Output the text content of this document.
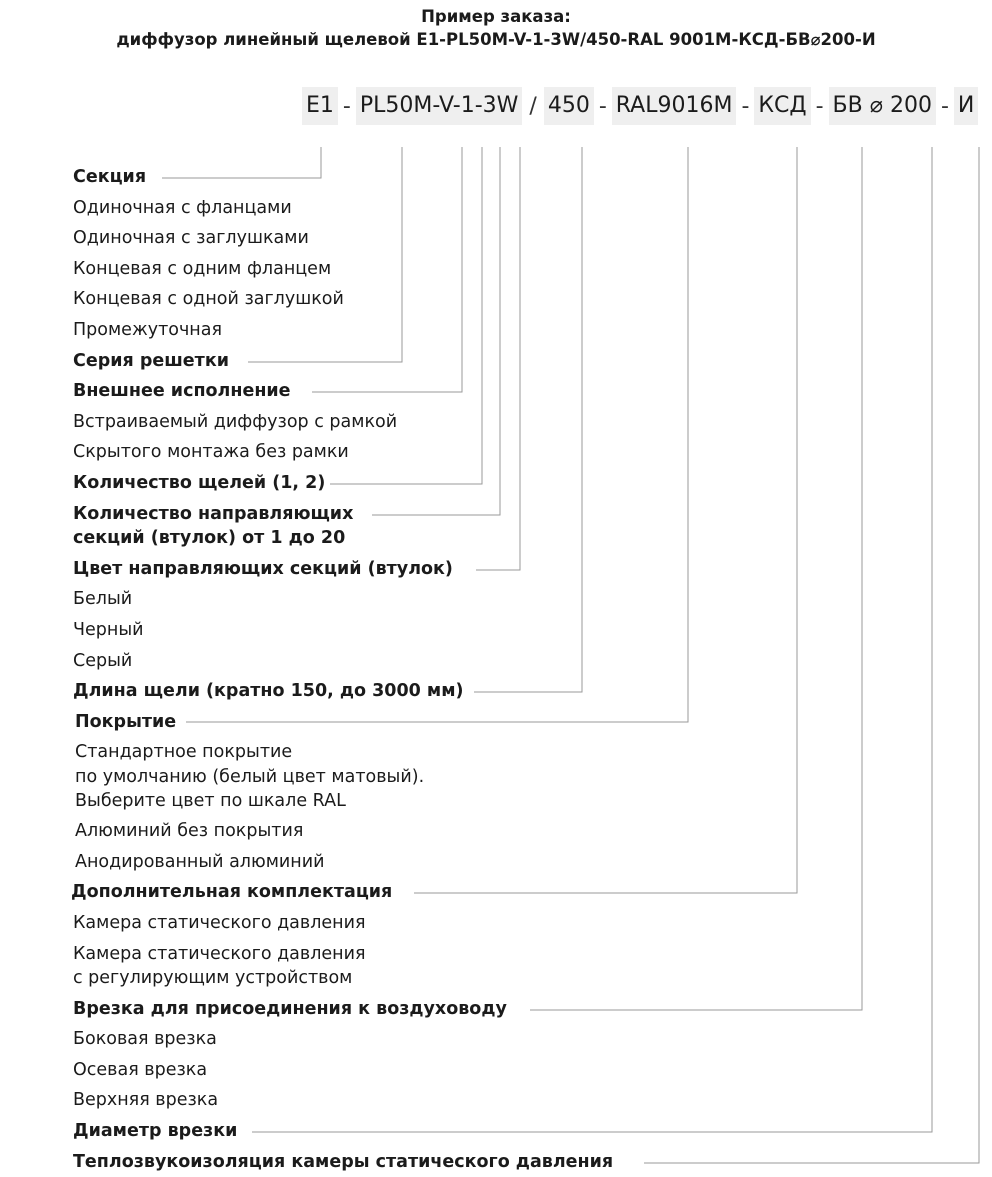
Пример заказа:
диффузор линейный щелевой E1-PL50M-V-1-3W/450-RAL 9001M-КСД-БВ⌀200-И
E1 - PL50M-V-1-3W / 450 - RAL9016M - КСД - БВ ⌀ 200 - И
Секция
Одиночная с фланцами
Одиночная с заглушками
Концевая с одним фланцем
Концевая с одной заглушкой
Промежуточная
Серия решетки
Внешнее исполнение
Встраиваемый диффузор с рамкой
Скрытого монтажа без рамки
Количество щелей (1, 2)
Количество направляющих
секций (втулок) от 1 до 20
Цвет направляющих секций (втулок)
Белый
Черный
Серый
Длина щели (кратно 150, до 3000 мм)
Покрытие
Стандартное покрытие
по умолчанию (белый цвет матовый).
Выберите цвет по шкале RAL
Алюминий без покрытия
Анодированный алюминий
Дополнительная комплектация
Камера статического давления
Камера статического давления
с регулирующим устройством
Врезка для присоединения к воздуховоду
Боковая врезка
Осевая врезка
Верхняя врезка
Диаметр врезки
Теплозвукоизоляция камеры статического давления
